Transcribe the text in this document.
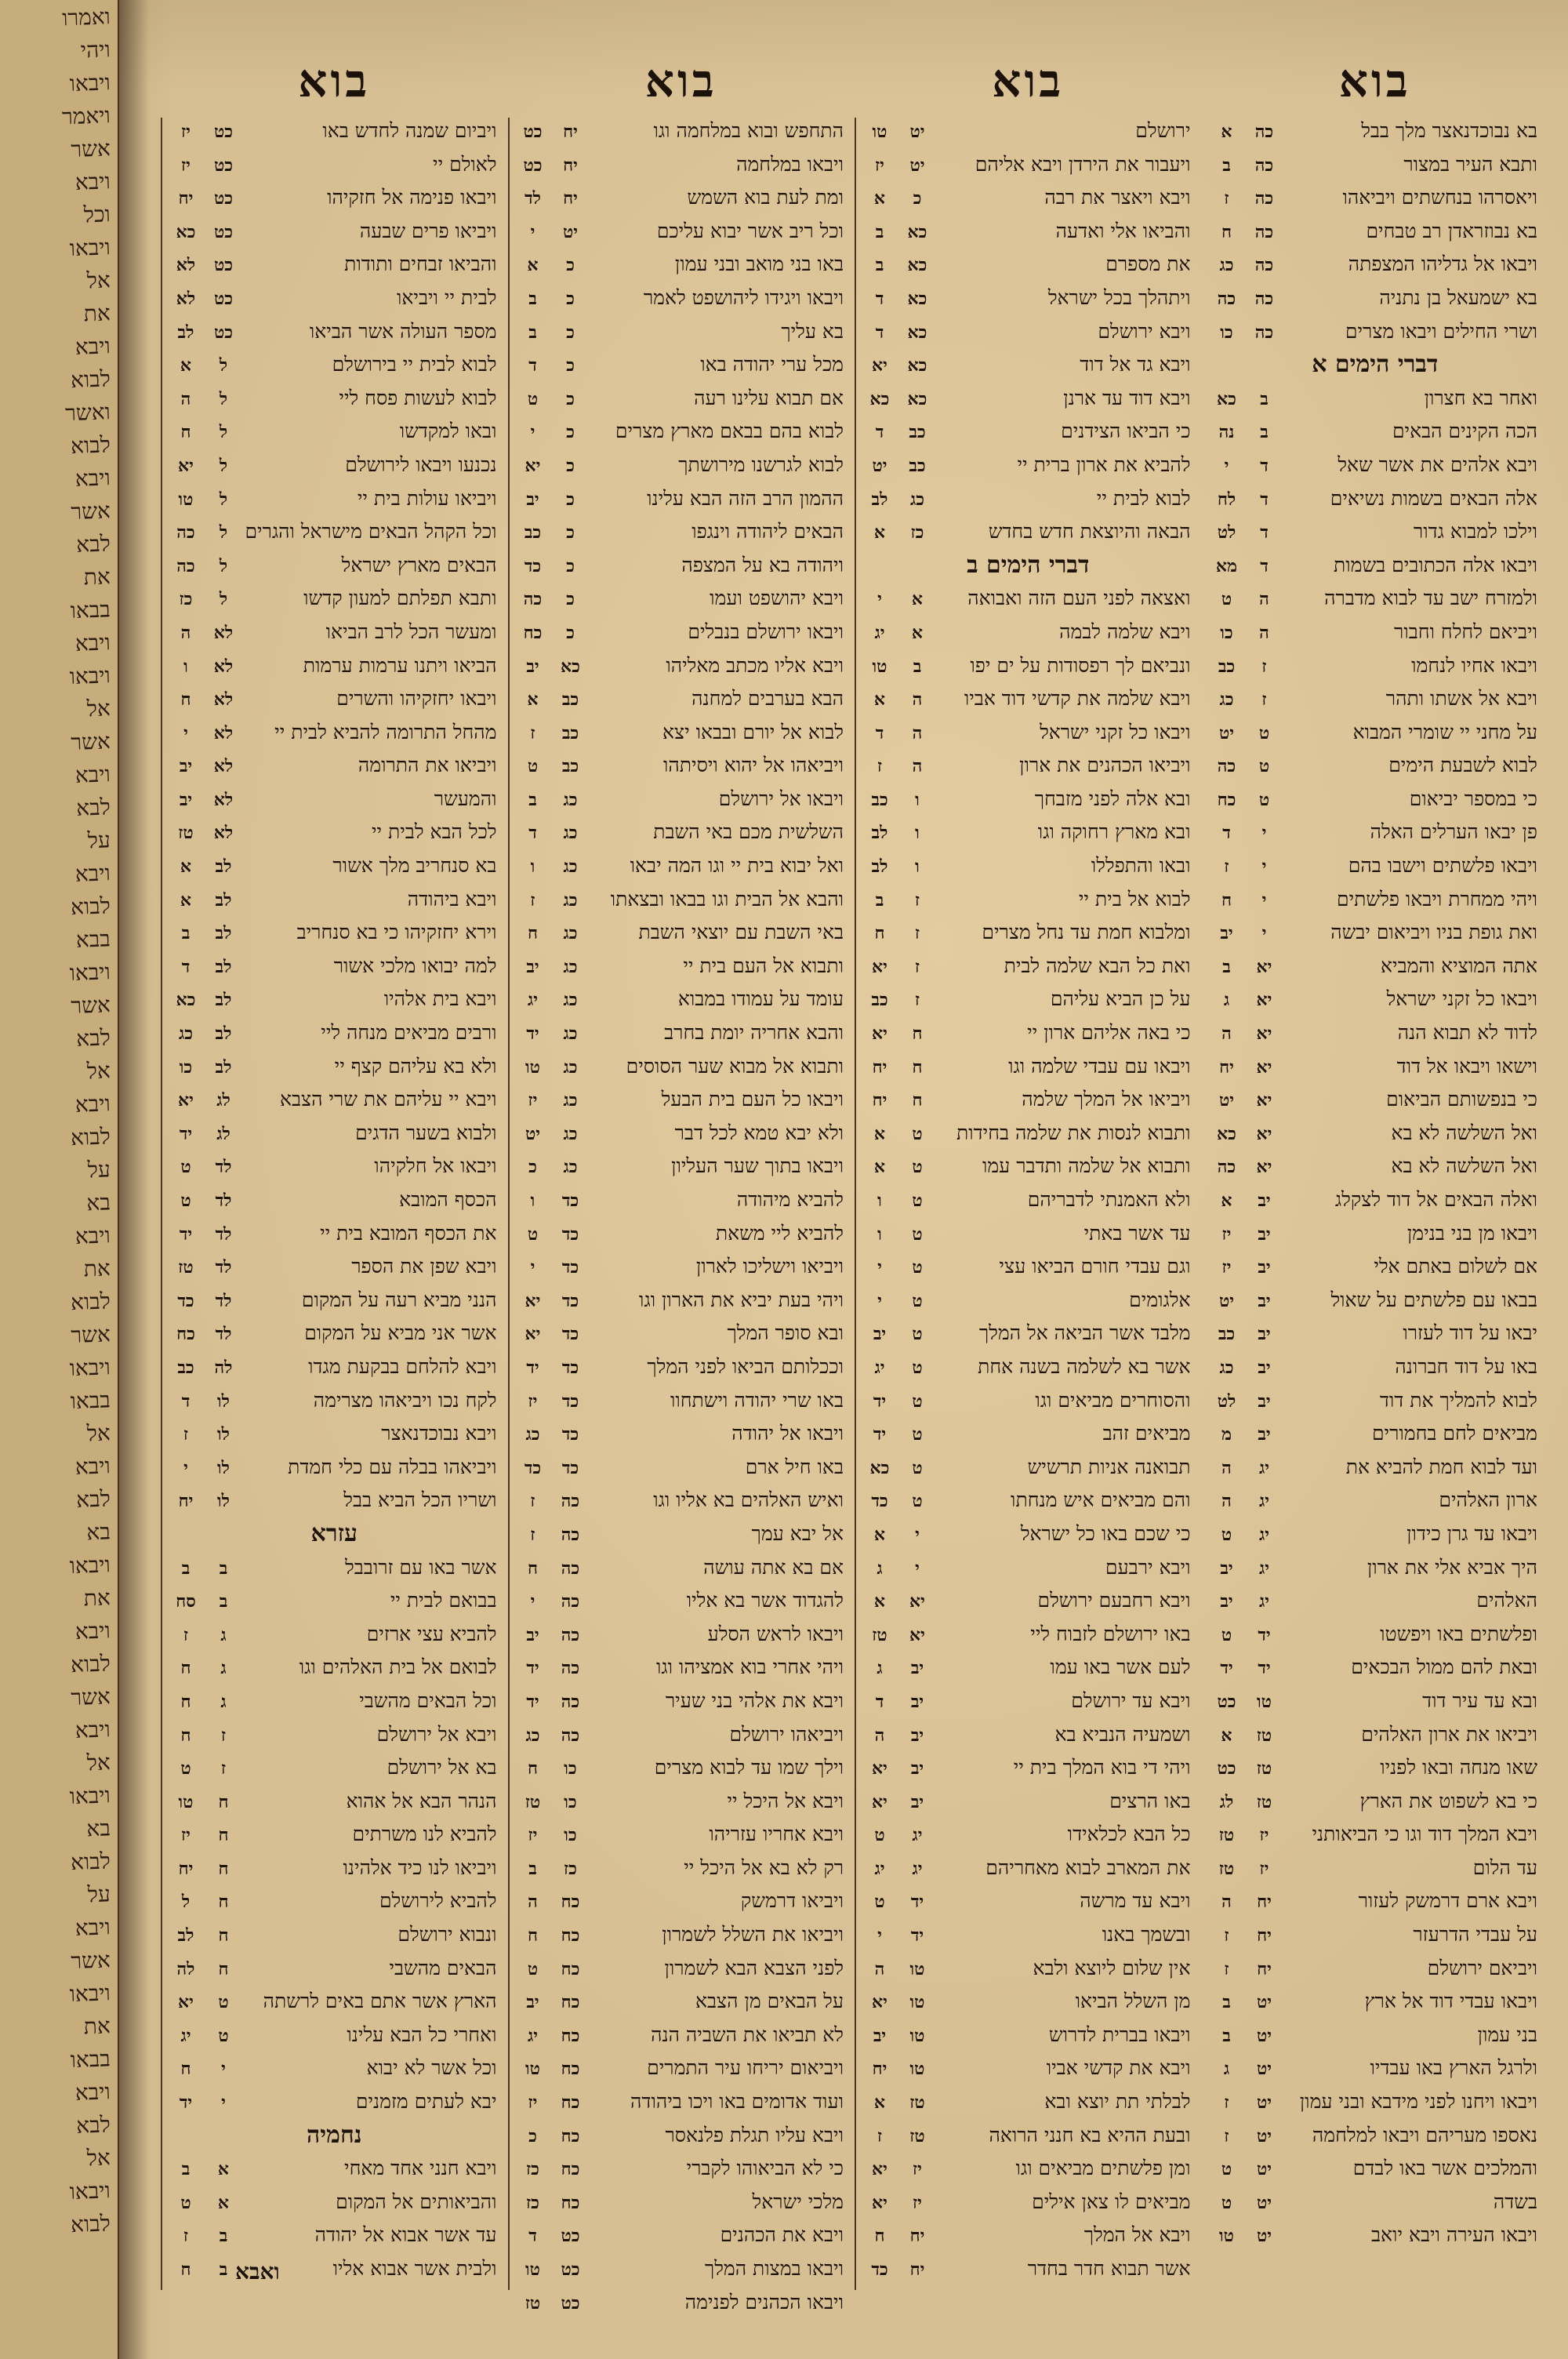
ואמרו
ויהי
ויבאו
ויאמר
אשר
ויבא
וכל
ויבאו
אל
את
ויבא
לבוא
ואשר
לבוא
ויבא
אשר
לבא
את
בבאו
ויבא
ויבאו
אל
אשר
ויבא
לבא
על
ויבא
לבוא
בבא
ויבאו
אשר
לבא
אל
ויבא
לבוא
על
בא
ויבא
את
לבוא
אשר
ויבאו
בבאו
אל
ויבא
לבא
בא
ויבאו
את
ויבא
לבוא
אשר
ויבא
אל
ויבאו
בא
לבוא
על
ויבא
אשר
ויבאו
את
בבאו
ויבא
לבא
אל
ויבאו
לבוא
בוא
בא נבוכדנאצר מלך בבל
כה
א
ותבא העיר במצור
כה
ב
ויאסרהו בנחשתים ויביאהו
כה
ז
בא נבוזראדן רב טבחים
כה
ח
ויבאו אל גדליהו המצפתה
כה
כג
בא ישמעאל בן נתניה
כה
כה
ושרי החילים ויבאו מצרים
כה
כו
דברי הימים א
ואחר בא חצרון
ב
כא
הכה הקינים הבאים
ב
נה
ויבא אלהים את אשר שאל
ד
י
אלה הבאים בשמות נשיאים
ד
לח
וילכו למבוא גדור
ד
לט
ויבאו אלה הכתובים בשמות
ד
מא
ולמזרח ישב עד לבוא מדברה
ה
ט
ויביאם לחלח וחבור
ה
כו
ויבאו אחיו לנחמו
ז
כב
ויבא אל אשתו ותהר
ז
כג
על מחני יי שומרי המבוא
ט
יט
לבוא לשבעת הימים
ט
כה
כי במספר יביאום
ט
כח
פן יבאו הערלים האלה
י
ד
ויבאו פלשתים וישבו בהם
י
ז
ויהי ממחרת ויבאו פלשתים
י
ח
ואת גופת בניו ויביאום יבשה
י
יב
אתה המוציא והמביא
יא
ב
ויבאו כל זקני ישראל
יא
ג
לדוד לא תבוא הנה
יא
ה
וישאו ויבאו אל דוד
יא
יח
כי בנפשותם הביאום
יא
יט
ואל השלשה לא בא
יא
כא
ואל השלשה לא בא
יא
כה
ואלה הבאים אל דוד לצקלג
יב
א
ויבאו מן בני בנימן
יב
יז
אם לשלום באתם אלי
יב
יז
בבאו עם פלשתים על שאול
יב
יט
יבאו על דוד לעזרו
יב
כב
באו על דוד חברונה
יב
כג
לבוא להמליך את דוד
יב
לט
מביאים לחם בחמורים
יב
מ
ועד לבוא חמת להביא את
יג
ה
ארון האלהים
יג
ה
ויבאו עד גרן כידון
יג
ט
היך אביא אלי את ארון
יג
יב
האלהים
יג
יב
ופלשתים באו ויפשטו
יד
ט
ובאת להם ממול הבכאים
יד
יד
ובא עד עיר דוד
טו
כט
ויביאו את ארון האלהים
טז
א
שאו מנחה ובאו לפניו
טז
כט
כי בא לשפוט את הארץ
טז
לג
ויבא המלך דוד וגו כי הביאותני
יז
טז
עד הלום
יז
טז
ויבא ארם דרמשק לעזור
יח
ה
על עבדי הדרעזר
יח
ז
ויביאם ירושלם
יח
ז
ויבאו עבדי דוד אל ארץ
יט
ב
בני עמון
יט
ב
ולרגל הארץ באו עבדיו
יט
ג
ויבאו ויחנו לפני מידבא ובני עמון
יט
ז
נאספו מעריהם ויבאו למלחמה
יט
ז
והמלכים אשר באו לבדם
יט
ט
בשדה
יט
ט
ויבאו העירה ויבא יואב
יט
טו
בוא
ירושלם
יט
טו
ויעבור את הירדן ויבא אליהם
יט
יז
ויבא ויאצר את רבה
כ
א
והביאו אלי ואדעה
כא
ב
את מספרם
כא
ב
ויתהלך בכל ישראל
כא
ד
ויבא ירושלם
כא
ד
ויבא גד אל דוד
כא
יא
ויבא דוד עד ארנן
כא
כא
כי הביאו הצידנים
כב
ד
להביא את ארון ברית יי
כב
יט
לבוא לבית יי
כג
לב
הבאה והיוצאת חדש בחדש
כז
א
דברי הימים ב
ואצאה לפני העם הזה ואבואה
א
י
ויבא שלמה לבמה
א
יג
ונביאם לך רפסודות על ים יפו
ב
טו
ויבא שלמה את קדשי דוד אביו
ה
א
ויבאו כל זקני ישראל
ה
ד
ויביאו הכהנים את ארון
ה
ז
ובא אלה לפני מזבחך
ו
כב
ובא מארץ רחוקה וגו
ו
לב
ובאו והתפללו
ו
לב
לבוא אל בית יי
ז
ב
ומלבוא חמת עד נחל מצרים
ז
ח
ואת כל הבא שלמה לבית
ז
יא
על כן הביא עליהם
ז
כב
כי באה אליהם ארון יי
ח
יא
ויבאו עם עבדי שלמה וגו
ח
יח
ויביאו אל המלך שלמה
ח
יח
ותבוא לנסות את שלמה בחידות
ט
א
ותבוא אל שלמה ותדבר עמו
ט
א
ולא האמנתי לדבריהם
ט
ו
עד אשר באתי
ט
ו
וגם עבדי חורם הביאו עצי
ט
י
אלגומים
ט
י
מלבד אשר הביאה אל המלך
ט
יב
אשר בא לשלמה בשנה אחת
ט
יג
והסוחרים מביאים וגו
ט
יד
מביאים זהב
ט
יד
תבואנה אניות תרשיש
ט
כא
והם מביאים איש מנחתו
ט
כד
כי שכם באו כל ישראל
י
א
ויבא ירבעם
י
ג
ויבא רחבעם ירושלם
יא
א
באו ירושלם לזבוח ליי
יא
טז
לעם אשר באו עמו
יב
ג
ויבא עד ירושלם
יב
ד
ושמעיה הנביא בא
יב
ה
ויהי די בוא המלך בית יי
יב
יא
באו הרצים
יב
יא
כל הבא לכלאידו
יג
ט
את המארב לבוא מאחריהם
יג
יג
ויבא עד מרשה
יד
ט
ובשמך באנו
יד
י
אין שלום ליוצא ולבא
טו
ה
מן השלל הביאו
טו
יא
ויבאו בברית לדרוש
טו
יב
ויבא את קדשי אביו
טו
יח
לבלתי תת יוצא ובא
טז
א
ובעת ההיא בא חנני הרואה
טז
ז
ומן פלשתים מביאים וגו
יז
יא
מביאים לו צאן אילים
יז
יא
ויבא אל המלך
יח
ח
אשר תבוא חדר בחדר
יח
כד
בוא
התחפש ובוא במלחמה וגו
יח
כט
ויבאו במלחמה
יח
כט
ומת לעת בוא השמש
יח
לד
וכל ריב אשר יבוא עליכם
יט
י
באו בני מואב ובני עמון
כ
א
ויבאו ויגידו ליהושפט לאמר
כ
ב
בא עליך
כ
ב
מכל ערי יהודה באו
כ
ד
אם תבוא עלינו רעה
כ
ט
לבוא בהם בבאם מארץ מצרים
כ
י
לבוא לגרשנו מירושתך
כ
יא
ההמון הרב הזה הבא עלינו
כ
יב
הבאים ליהודה וינגפו
כ
כב
ויהודה בא על המצפה
כ
כד
ויבא יהושפט ועמו
כ
כה
ויבאו ירושלם בנבלים
כ
כח
ויבא אליו מכתב מאליהו
כא
יב
הבא בערבים למחנה
כב
א
לבוא אל יורם ובבאו יצא
כב
ז
ויביאהו אל יהוא ויסיתהו
כב
ט
ויבאו אל ירושלם
כג
ב
השלשית מכם באי השבת
כג
ד
ואל יבוא בית יי וגו המה יבאו
כג
ו
והבא אל הבית וגו בבאו ובצאתו
כג
ז
באי השבת עם יוצאי השבת
כג
ח
ותבוא אל העם בית יי
כג
יב
עומד על עמודו במבוא
כג
יג
והבא אחריה יומת בחרב
כג
יד
ותבוא אל מבוא שער הסוסים
כג
טו
ויבאו כל העם בית הבעל
כג
יז
ולא יבא טמא לכל דבר
כג
יט
ויבאו בתוך שער העליון
כג
כ
להביא מיהודה
כד
ו
להביא ליי משאת
כד
ט
ויביאו וישליכו לארון
כד
י
ויהי בעת יביא את הארון וגו
כד
יא
ובא סופר המלך
כד
יא
וככלותם הביאו לפני המלך
כד
יד
באו שרי יהודה וישתחוו
כד
יז
ויבאו אל יהודה
כד
כג
באו חיל ארם
כד
כד
ואיש האלהים בא אליו וגו
כה
ז
אל יבא עמך
כה
ז
אם בא אתה עושה
כה
ח
להגדוד אשר בא אליו
כה
י
ויבאו לראש הסלע
כה
יב
ויהי אחרי בוא אמציהו וגו
כה
יד
ויבא את אלהי בני שעיר
כה
יד
ויביאהו ירושלם
כה
כג
וילך שמו עד לבוא מצרים
כו
ח
ויבא אל היכל יי
כו
טז
ויבא אחריו עזריהו
כו
יז
רק לא בא אל היכל יי
כז
ב
ויביאו דרמשק
כח
ה
ויביאו את השלל לשמרון
כח
ח
לפני הצבא הבא לשמרון
כח
ט
על הבאים מן הצבא
כח
יב
לא תביאו את השביה הנה
כח
יג
ויביאום יריחו עיר התמרים
כח
טו
ועוד אדומים באו ויכו ביהודה
כח
יז
ויבא עליו תגלת פלנאסר
כח
כ
כי לא הביאוהו לקברי
כח
כז
מלכי ישראל
כח
כז
ויבא את הכהנים
כט
ד
ויבאו במצות המלך
כט
טו
ויבאו הכהנים לפנימה
כט
טז
בוא
ויביום שמנה לחדש באו
כט
יז
לאולם יי
כט
יז
ויבאו פנימה אל חזקיהו
כט
יח
ויביאו פרים שבעה
כט
כא
והביאו זבחים ותודות
כט
לא
לבית יי ויביאו
כט
לא
מספר העולה אשר הביאו
כט
לב
לבוא לבית יי בירושלם
ל
א
לבוא לעשות פסח ליי
ל
ה
ובאו למקדשו
ל
ח
נכנעו ויבאו לירושלם
ל
יא
ויביאו עולות בית יי
ל
טו
וכל הקהל הבאים מישראל והגרים
ל
כה
הבאים מארץ ישראל
ל
כה
ותבא תפלתם למעון קדשו
ל
כז
ומעשר הכל לרב הביאו
לא
ה
הביאו ויתנו ערמות ערמות
לא
ו
ויבאו יחזקיהו והשרים
לא
ח
מהחל התרומה להביא לבית יי
לא
י
ויביאו את התרומה
לא
יב
והמעשר
לא
יב
לכל הבא לבית יי
לא
טז
בא סנחריב מלך אשור
לב
א
ויבא ביהודה
לב
א
וירא יחזקיהו כי בא סנחריב
לב
ב
למה יבואו מלכי אשור
לב
ד
ויבא בית אלהיו
לב
כא
ורבים מביאים מנחה ליי
לב
כג
ולא בא עליהם קצף יי
לב
כו
ויבא יי עליהם את שרי הצבא
לג
יא
ולבוא בשער הדגים
לג
יד
ויבאו אל חלקיהו
לד
ט
הכסף המובא
לד
ט
את הכסף המובא בית יי
לד
יד
ויבא שפן את הספר
לד
טז
הנני מביא רעה על המקום
לד
כד
אשר אני מביא על המקום
לד
כח
ויבא להלחם בבקעת מגדו
לה
כב
לקח נכו ויביאהו מצרימה
לו
ד
ויבא נבוכדנאצר
לו
ז
ויביאהו בבלה עם כלי חמדת
לו
י
ושריו הכל הביא בבל
לו
יח
עזרא
אשר באו עם זרובבל
ב
ב
בבואם לבית יי
ב
סח
להביא עצי ארזים
ג
ז
לבואם אל בית האלהים וגו
ג
ח
וכל הבאים מהשבי
ג
ח
ויבא אל ירושלם
ז
ח
בא אל ירושלם
ז
ט
הנהר הבא אל אהוא
ח
טו
להביא לנו משרתים
ח
יז
ויביאו לנו כיד אלהינו
ח
יח
להביא לירושלם
ח
ל
ונבוא ירושלם
ח
לב
הבאים מהשבי
ח
לה
הארץ אשר אתם באים לרשתה
ט
יא
ואחרי כל הבא עלינו
ט
יג
וכל אשר לא יבוא
י
ח
יבא לעתים מזמנים
י
יד
נחמיה
ויבא חנני אחד מאחי
א
ב
והביאותים אל המקום
א
ט
עד אשר אבוא אל יהודה
ב
ז
ולבית אשר אבוא אליו
ב
ח	ואבא
